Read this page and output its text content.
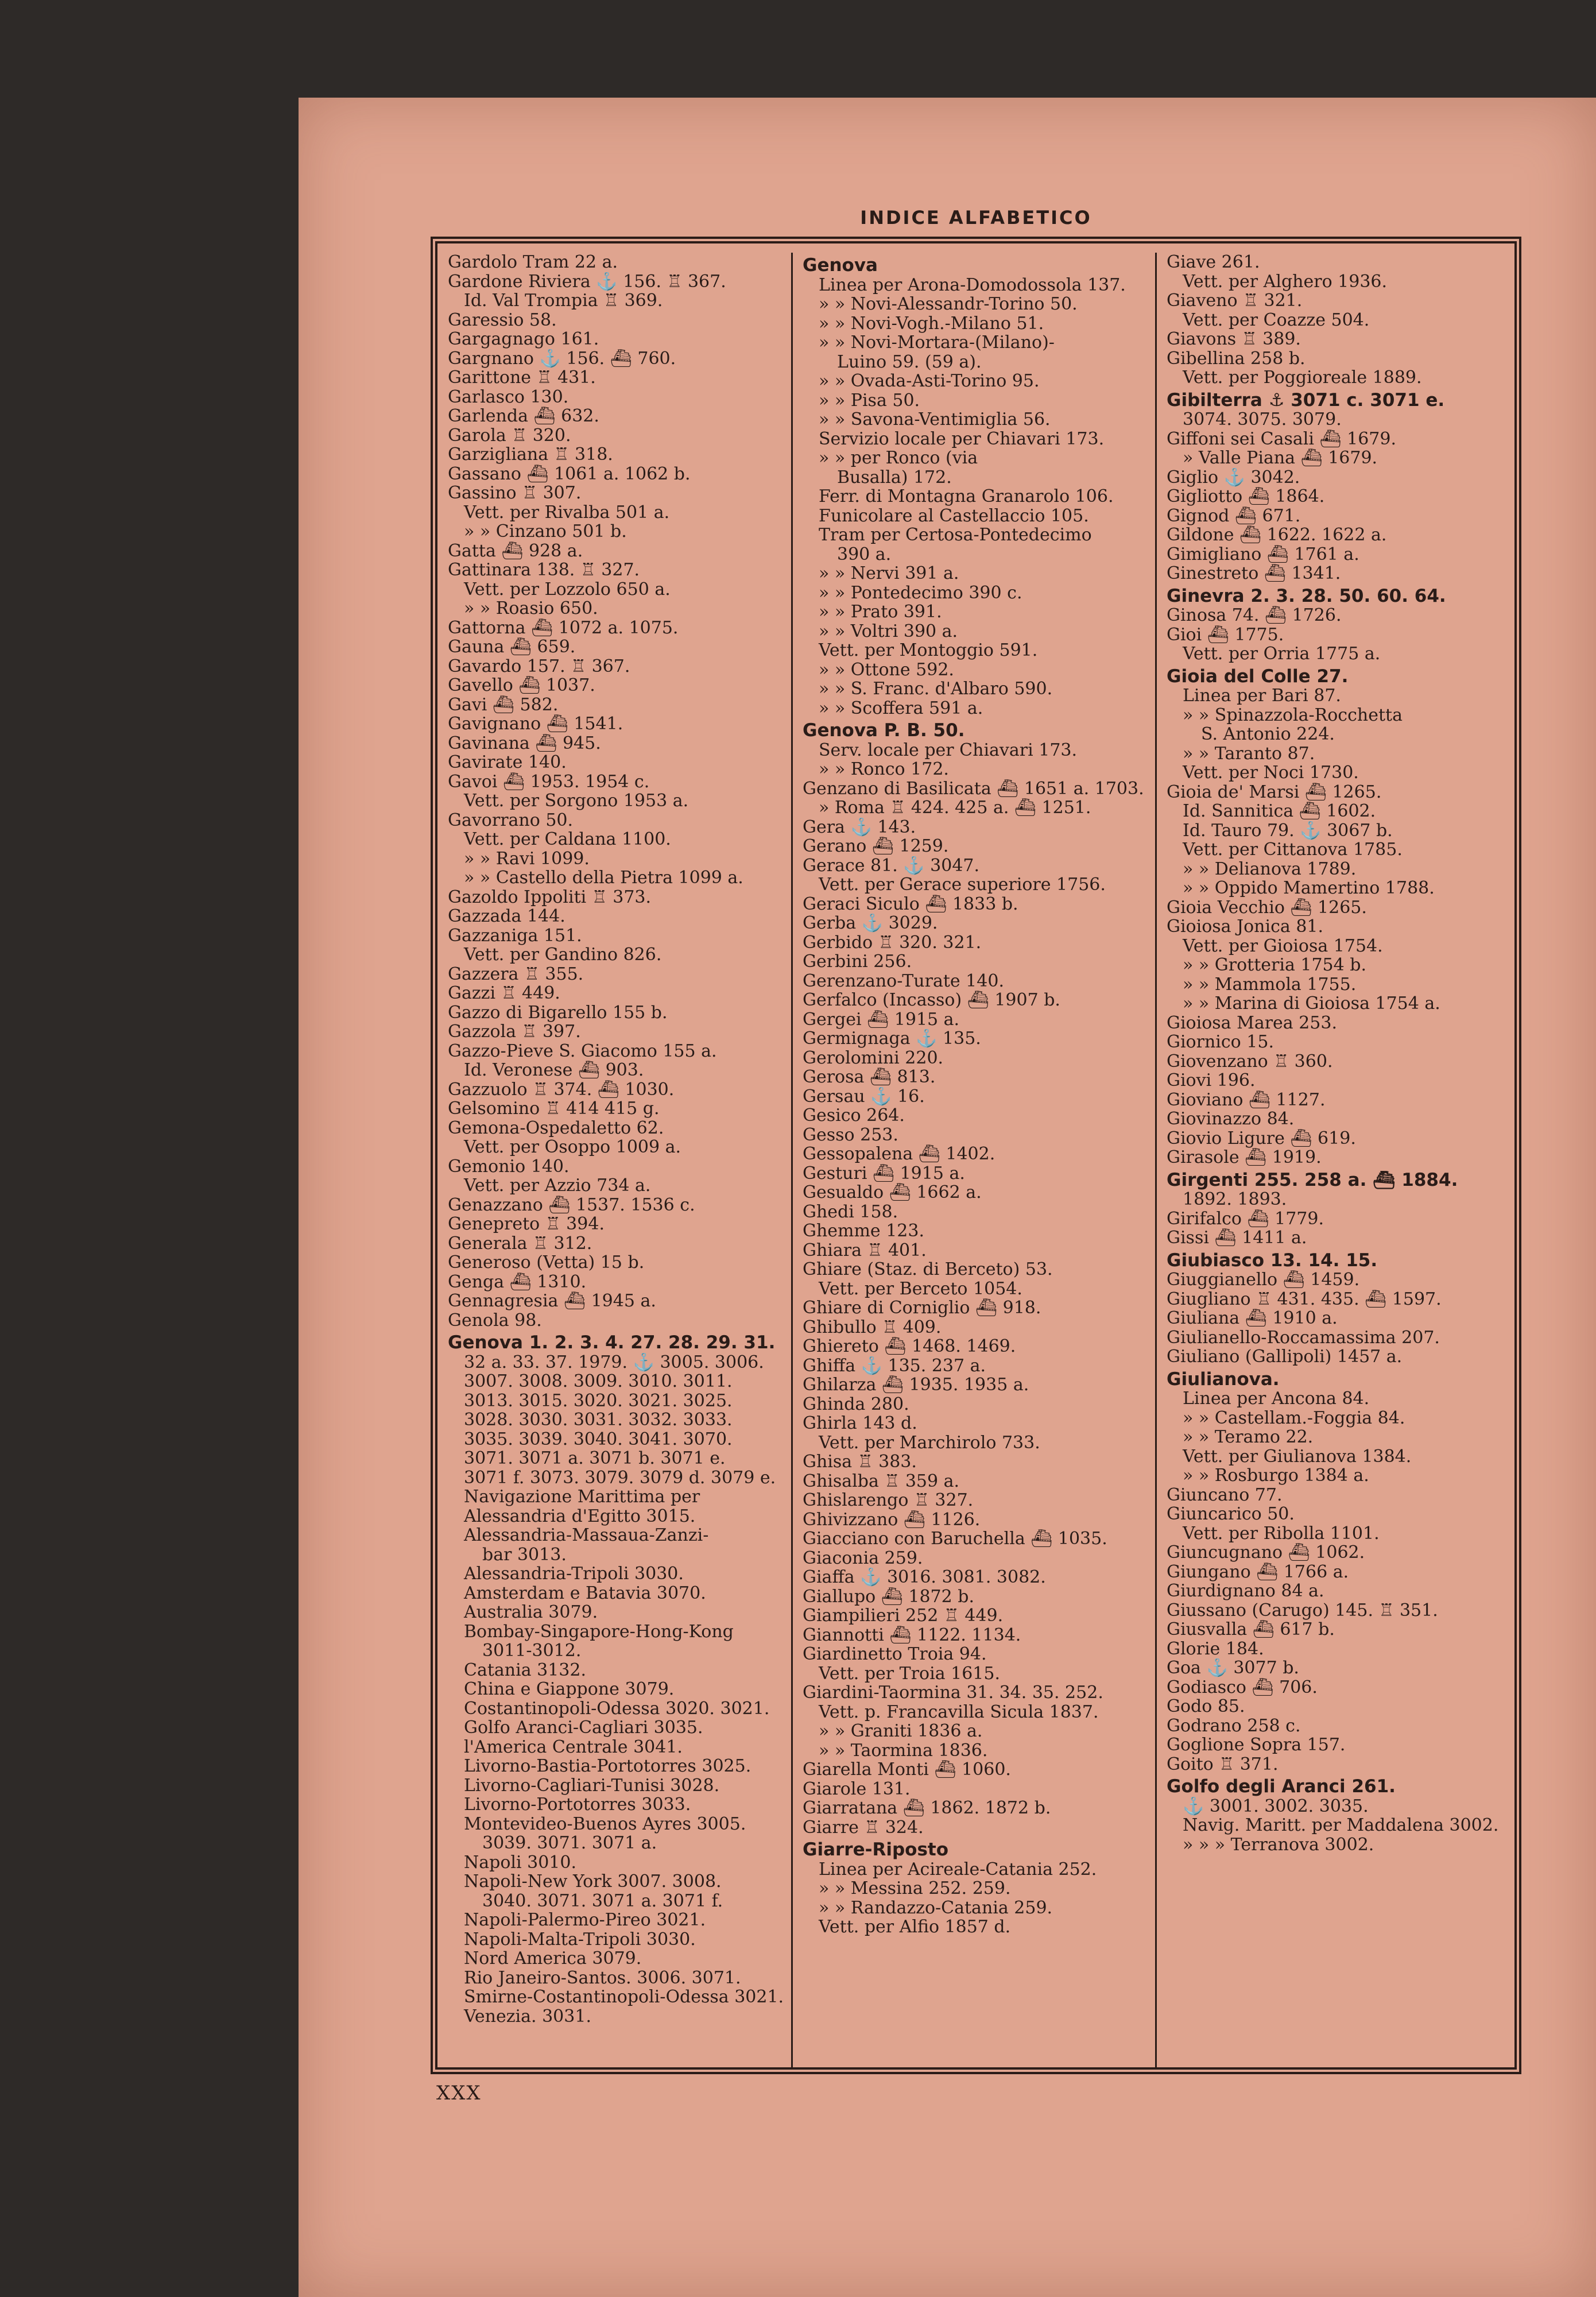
INDICE ALFABETICO
Gardolo Tram 22 a.
Gardone Riviera ⚓ 156. ♖ 367.
Id. Val Trompia ♖ 369.
Garessio 58.
Gargagnago 161.
Gargnano ⚓ 156. ⛴ 760.
Garittone ♖ 431.
Garlasco 130.
Garlenda ⛴ 632.
Garola ♖ 320.
Garzigliana ♖ 318.
Gassano ⛴ 1061 a. 1062 b.
Gassino ♖ 307.
Vett. per Rivalba 501 a.
» » Cinzano 501 b.
Gatta ⛴ 928 a.
Gattinara 138. ♖ 327.
Vett. per Lozzolo 650 a.
» » Roasio 650.
Gattorna ⛴ 1072 a. 1075.
Gauna ⛴ 659.
Gavardo 157. ♖ 367.
Gavello ⛴ 1037.
Gavi ⛴ 582.
Gavignano ⛴ 1541.
Gavinana ⛴ 945.
Gavirate 140.
Gavoi ⛴ 1953. 1954 c.
Vett. per Sorgono 1953 a.
Gavorrano 50.
Vett. per Caldana 1100.
» » Ravi 1099.
» » Castello della Pietra 1099 a.
Gazoldo Ippoliti ♖ 373.
Gazzada 144.
Gazzaniga 151.
Vett. per Gandino 826.
Gazzera ♖ 355.
Gazzi ♖ 449.
Gazzo di Bigarello 155 b.
Gazzola ♖ 397.
Gazzo-Pieve S. Giacomo 155 a.
Id. Veronese ⛴ 903.
Gazzuolo ♖ 374. ⛴ 1030.
Gelsomino ♖ 414 415 g.
Gemona-Ospedaletto 62.
Vett. per Osoppo 1009 a.
Gemonio 140.
Vett. per Azzio 734 a.
Genazzano ⛴ 1537. 1536 c.
Genepreto ♖ 394.
Generala ♖ 312.
Generoso (Vetta) 15 b.
Genga ⛴ 1310.
Gennagresia ⛴ 1945 a.
Genola 98.
Genova 1. 2. 3. 4. 27. 28. 29. 31.
32 a. 33. 37. 1979. ⚓ 3005. 3006.
3007. 3008. 3009. 3010. 3011.
3013. 3015. 3020. 3021. 3025.
3028. 3030. 3031. 3032. 3033.
3035. 3039. 3040. 3041. 3070.
3071. 3071 a. 3071 b. 3071 e.
3071 f. 3073. 3079. 3079 d. 3079 e.
Navigazione Marittima per
Alessandria d'Egitto 3015.
Alessandria-Massaua-Zanzi-
bar 3013.
Alessandria-Tripoli 3030.
Amsterdam e Batavia 3070.
Australia 3079.
Bombay-Singapore-Hong-Kong
3011-3012.
Catania 3132.
China e Giappone 3079.
Costantinopoli-Odessa 3020. 3021.
Golfo Aranci-Cagliari 3035.
l'America Centrale 3041.
Livorno-Bastia-Portotorres 3025.
Livorno-Cagliari-Tunisi 3028.
Livorno-Portotorres 3033.
Montevideo-Buenos Ayres 3005.
3039. 3071. 3071 a.
Napoli 3010.
Napoli-New York 3007. 3008.
3040. 3071. 3071 a. 3071 f.
Napoli-Palermo-Pireo 3021.
Napoli-Malta-Tripoli 3030.
Nord America 3079.
Rio Janeiro-Santos. 3006. 3071.
Smirne-Costantinopoli-Odessa 3021.
Venezia. 3031.
Genova
Linea per Arona-Domodossola 137.
» » Novi-Alessandr-Torino 50.
» » Novi-Vogh.-Milano 51.
» » Novi-Mortara-(Milano)-
Luino 59. (59 a).
» » Ovada-Asti-Torino 95.
» » Pisa 50.
» » Savona-Ventimiglia 56.
Servizio locale per Chiavari 173.
» » per Ronco (via
Busalla) 172.
Ferr. di Montagna Granarolo 106.
Funicolare al Castellaccio 105.
Tram per Certosa-Pontedecimo
390 a.
» » Nervi 391 a.
» » Pontedecimo 390 c.
» » Prato 391.
» » Voltri 390 a.
Vett. per Montoggio 591.
» » Ottone 592.
» » S. Franc. d'Albaro 590.
» » Scoffera 591 a.
Genova P. B. 50.
Serv. locale per Chiavari 173.
» » Ronco 172.
Genzano di Basilicata ⛴ 1651 a. 1703.
» Roma ♖ 424. 425 a. ⛴ 1251.
Gera ⚓ 143.
Gerano ⛴ 1259.
Gerace 81. ⚓ 3047.
Vett. per Gerace superiore 1756.
Geraci Siculo ⛴ 1833 b.
Gerba ⚓ 3029.
Gerbido ♖ 320. 321.
Gerbini 256.
Gerenzano-Turate 140.
Gerfalco (Incasso) ⛴ 1907 b.
Gergei ⛴ 1915 a.
Germignaga ⚓ 135.
Gerolomini 220.
Gerosa ⛴ 813.
Gersau ⚓ 16.
Gesico 264.
Gesso 253.
Gessopalena ⛴ 1402.
Gesturi ⛴ 1915 a.
Gesualdo ⛴ 1662 a.
Ghedi 158.
Ghemme 123.
Ghiara ♖ 401.
Ghiare (Staz. di Berceto) 53.
Vett. per Berceto 1054.
Ghiare di Corniglio ⛴ 918.
Ghibullo ♖ 409.
Ghiereto ⛴ 1468. 1469.
Ghiffa ⚓ 135. 237 a.
Ghilarza ⛴ 1935. 1935 a.
Ghinda 280.
Ghirla 143 d.
Vett. per Marchirolo 733.
Ghisa ♖ 383.
Ghisalba ♖ 359 a.
Ghislarengo ♖ 327.
Ghivizzano ⛴ 1126.
Giacciano con Baruchella ⛴ 1035.
Giaconia 259.
Giaffa ⚓ 3016. 3081. 3082.
Giallupo ⛴ 1872 b.
Giampilieri 252 ♖ 449.
Giannotti ⛴ 1122. 1134.
Giardinetto Troia 94.
Vett. per Troia 1615.
Giardini-Taormina 31. 34. 35. 252.
Vett. p. Francavilla Sicula 1837.
» » Graniti 1836 a.
» » Taormina 1836.
Giarella Monti ⛴ 1060.
Giarole 131.
Giarratana ⛴ 1862. 1872 b.
Giarre ♖ 324.
Giarre-Riposto
Linea per Acireale-Catania 252.
» » Messina 252. 259.
» » Randazzo-Catania 259.
Vett. per Alfio 1857 d.
Giave 261.
Vett. per Alghero 1936.
Giaveno ♖ 321.
Vett. per Coazze 504.
Giavons ♖ 389.
Gibellina 258 b.
Vett. per Poggioreale 1889.
Gibilterra ⚓ 3071 c. 3071 e.
3074. 3075. 3079.
Giffoni sei Casali ⛴ 1679.
» Valle Piana ⛴ 1679.
Giglio ⚓ 3042.
Gigliotto ⛴ 1864.
Gignod ⛴ 671.
Gildone ⛴ 1622. 1622 a.
Gimigliano ⛴ 1761 a.
Ginestreto ⛴ 1341.
Ginevra 2. 3. 28. 50. 60. 64.
Ginosa 74. ⛴ 1726.
Gioi ⛴ 1775.
Vett. per Orria 1775 a.
Gioia del Colle 27.
Linea per Bari 87.
» » Spinazzola-Rocchetta
S. Antonio 224.
» » Taranto 87.
Vett. per Noci 1730.
Gioia de' Marsi ⛴ 1265.
Id. Sannitica ⛴ 1602.
Id. Tauro 79. ⚓ 3067 b.
Vett. per Cittanova 1785.
» » Delianova 1789.
» » Oppido Mamertino 1788.
Gioia Vecchio ⛴ 1265.
Gioiosa Jonica 81.
Vett. per Gioiosa 1754.
» » Grotteria 1754 b.
» » Mammola 1755.
» » Marina di Gioiosa 1754 a.
Gioiosa Marea 253.
Giornico 15.
Giovenzano ♖ 360.
Giovi 196.
Gioviano ⛴ 1127.
Giovinazzo 84.
Giovio Ligure ⛴ 619.
Girasole ⛴ 1919.
Girgenti 255. 258 a. ⛴ 1884.
1892. 1893.
Girifalco ⛴ 1779.
Gissi ⛴ 1411 a.
Giubiasco 13. 14. 15.
Giuggianello ⛴ 1459.
Giugliano ♖ 431. 435. ⛴ 1597.
Giuliana ⛴ 1910 a.
Giulianello-Roccamassima 207.
Giuliano (Gallipoli) 1457 a.
Giulianova.
Linea per Ancona 84.
» » Castellam.-Foggia 84.
» » Teramo 22.
Vett. per Giulianova 1384.
» » Rosburgo 1384 a.
Giuncano 77.
Giuncarico 50.
Vett. per Ribolla 1101.
Giuncugnano ⛴ 1062.
Giungano ⛴ 1766 a.
Giurdignano 84 a.
Giussano (Carugo) 145. ♖ 351.
Giusvalla ⛴ 617 b.
Glorie 184.
Goa ⚓ 3077 b.
Godiasco ⛴ 706.
Godo 85.
Godrano 258 c.
Goglione Sopra 157.
Goito ♖ 371.
Golfo degli Aranci 261.
⚓ 3001. 3002. 3035.
Navig. Maritt. per Maddalena 3002.
» » » Terranova 3002.
XXX
